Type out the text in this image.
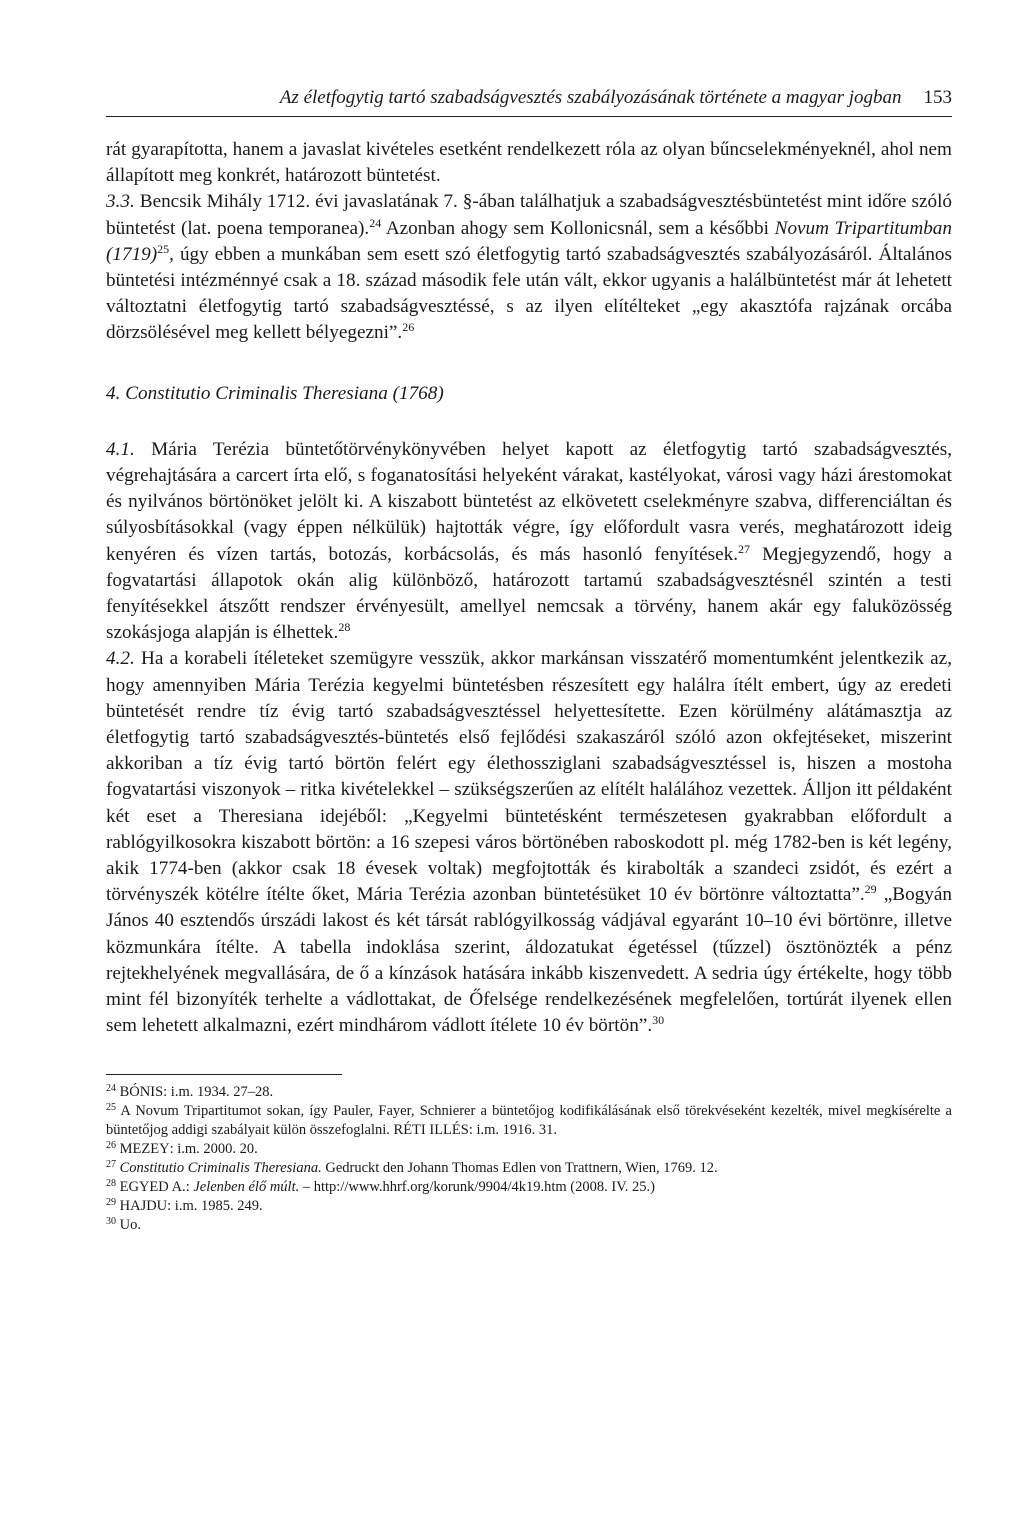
Az életfogytig tartó szabadságvesztés szabályozásának története a magyar jogban 153

rát gyarapította, hanem a javaslat kivételes esetként rendelkezett róla az olyan bűncselekményeknél, ahol nem állapított meg konkrét, határozott büntetést.

3.3. Bencsik Mihály 1712. évi javaslatának 7. §-ában találhatjuk a szabadságvesztésbüntetést mint időre szóló büntetést (lat. poena temporanea).$^{24}$ Azonban ahogy sem Kollonicsnál, sem a későbbi Novum Tripartitumban $(1719)^{25}$, úgy ebben a munkában sem esett szó életfogytig tartó szabadságvesztés szabályozásáról. Általános büntetési intézménnyé csak a 18. század második fele után vált, ekkor ugyanis a halálbüntetést már át lehetett változtatni életfogytig tartó szabadságvesztéssé, s az ilyen elítélteket „egy akasztófa rajzának orcába dörzsölésével meg kellett bélyegezni”.$^{26}$

4. Constitutio Criminalis Theresiana (1768)

4.1. Mária Terézia büntetőtörvénykönyvében helyet kapott az életfogytig tartó szabadságvesztés, végrehajtására a carcert írta elő, s foganatosítási helyeként várakat, kastélyokat, városi vagy házi árestomokat és nyilvános börtönöket jelölt ki. A kiszabott büntetést az elkövetett cselekményre szabva, differenciáltan és súlyosbításokkal (vagy éppen nélkülük) hajtották végre, így előfordult vasra verés, meghatározott ideig kenyéren és vízen tartás, botozás, korbácsolás, és más hasonló fenyítések.$^{27}$ Megjegyzendő, hogy a fogvatartási állapotok okán alig különböző, határozott tartamú szabadságvesztésnél szintén a testi fenyítésekkel átszőtt rendszer érvényesült, amellyel nemcsak a törvény, hanem akár egy faluközösség szokásjoga alapján is élhettek.$^{28}$

4.2. Ha a korabeli ítéleteket szemügyre vesszük, akkor markánsan visszatérő momentumként jelentkezik az, hogy amennyiben Mária Terézia kegyelmi büntetésben részesített egy halálra ítélt embert, úgy az eredeti büntetését rendre tíz évig tartó szabadságvesztéssel helyettesítette. Ezen körülmény alátámasztja az életfogytig tartó szabadságvesztés-büntetés első fejlődési szakaszáról szóló azon okfejtéseket, miszerint akkoriban a tíz évig tartó börtön felért egy élethossziglani szabadságvesztéssel is, hiszen a mostoha fogvatartási viszonyok – ritka kivételekkel – szükségszerűen az elítélt halálához vezettek. Álljon itt példaként két eset a Theresiana idejéből: „Kegyelmi büntetésként természetesen gyakrabban előfordult a rablógyilkosokra kiszabott börtön: a 16 szepesi város börtönében raboskodott pl. még 1782-ben is két legény, akik 1774-ben (akkor csak 18 évesek voltak) megfojtották és kirabolták a szandeci zsidót, és ezért a törvényszék kötélre ítélte őket, Mária Terézia azonban büntetésüket 10 év börtönre változtatta”.$^{29}$ „Bogyán János 40 esztendős úrszádi lakost és két társát rablógyilkosság vádjával egyaránt 10–10 évi börtönre, illetve közmunkára ítélte. A tabella indoklása szerint, áldozatukat égetéssel (tűzzel) ösztönözték a pénz rejtekhelyének megvallására, de ő a kínzások hatására inkább kiszenvedett. A sedria úgy értékelte, hogy több mint fél bizonyíték terhelte a vádlottakat, de Őfelsége rendelkezésének megfelelően, tortúrát ilyenek ellen sem lehetett alkalmazni, ezért mindhárom vádlott ítélete 10 év börtön”.$^{30}$

$^{24}$ BÓNIS: i.m. 1934. 27–28.

$^{25}$ A Novum Tripartitumot sokan, így Pauler, Fayer, Schnierer a büntetőjog kodifikálásának első törekvéseként kezelték, mivel megkísérelte a büntetőjog addigi szabályait külön összefoglalni. RÉTI ILLÉS: i.m. 1916. 31.

$^{26}$ MEZEY: i.m. 2000. 20.

$^{27}$ Constitutio Criminalis Theresiana. Gedruckt den Johann Thomas Edlen von Trattnern, Wien, 1769. 12.

$^{28}$ EGYED A.: Jelenben élő múlt. – http://www.hhrf.org/korunk/9904/4k19.htm (2008. IV. 25.)

$^{29}$ HAJDU: i.m. 1985. 249.

$^{30}$ Uo.
